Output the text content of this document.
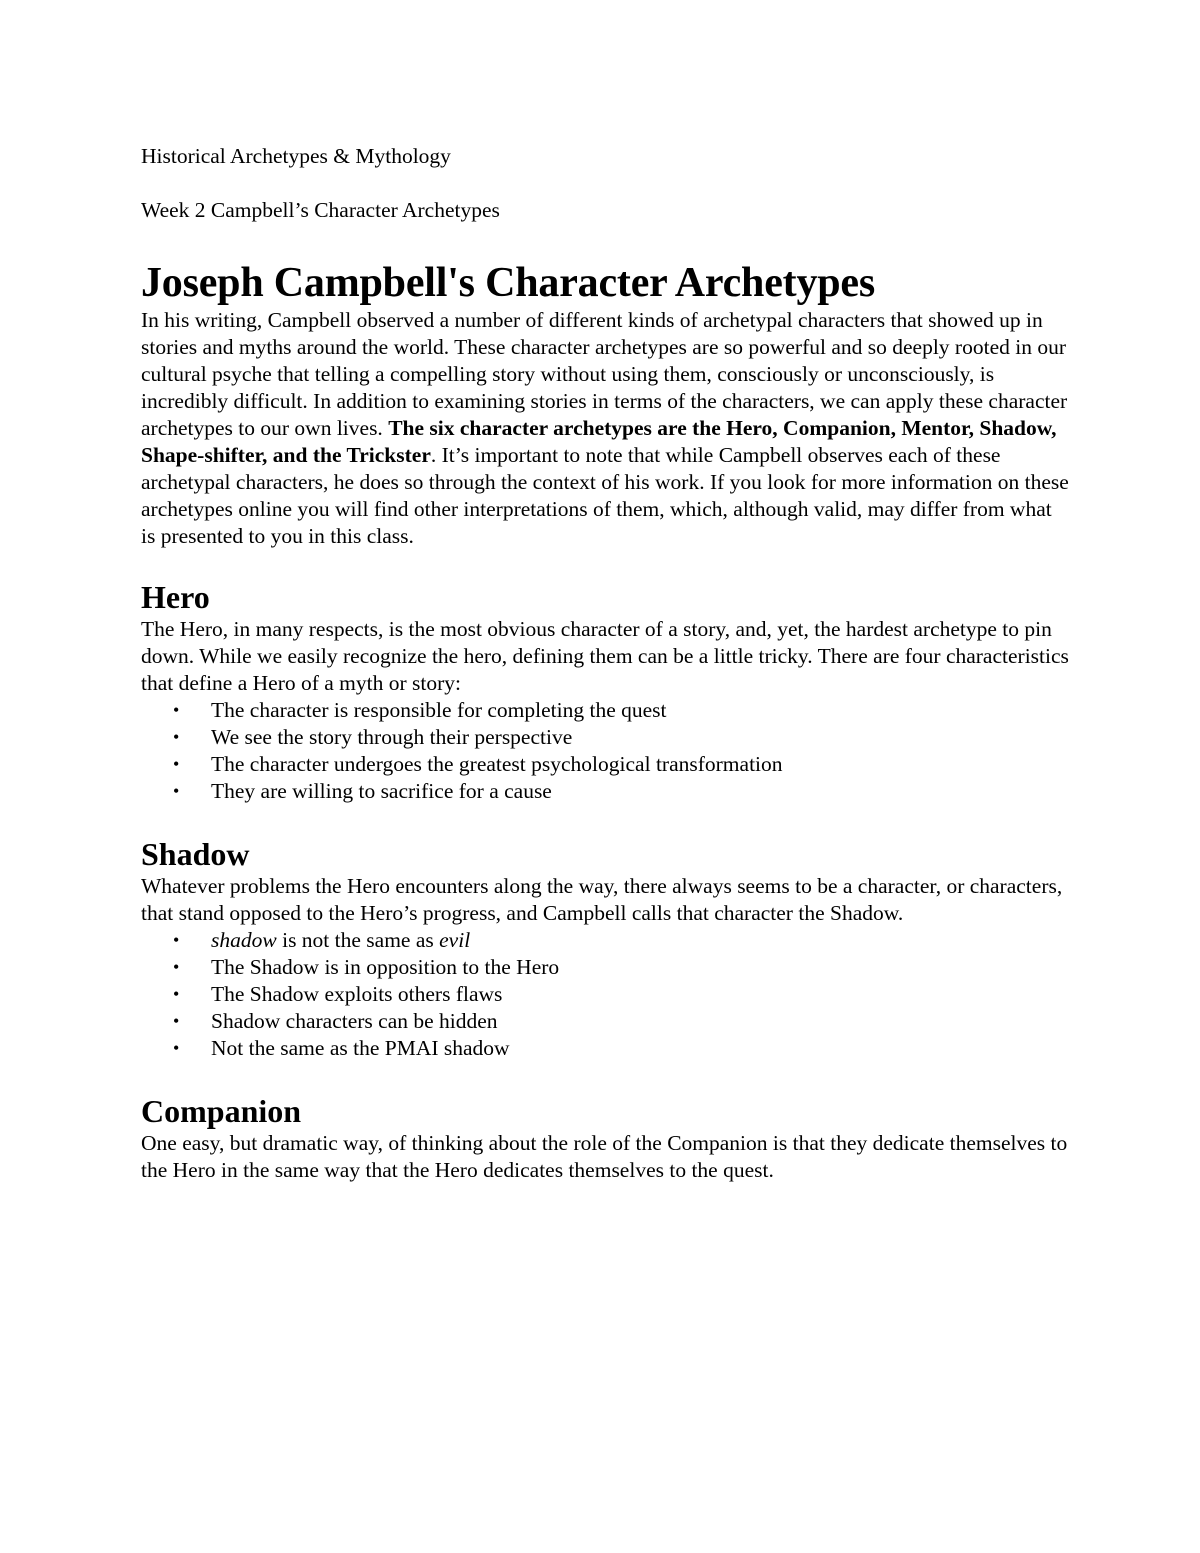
Historical Archetypes & Mythology

Week 2 Campbell’s Character Archetypes

Joseph Campbell's Character Archetypes

In his writing, Campbell observed a number of different kinds of archetypal characters that showed up in stories and myths around the world. These character archetypes are so powerful and so deeply rooted in our cultural psyche that telling a compelling story without using them, consciously or unconsciously, is incredibly difficult. In addition to examining stories in terms of the characters, we can apply these character archetypes to our own lives. The six character archetypes are the Hero, Companion, Mentor, Shadow, Shape-shifter, and the Trickster. It’s important to note that while Campbell observes each of these archetypal characters, he does so through the context of his work. If you look for more information on these archetypes online you will find other interpretations of them, which, although valid, may differ from what is presented to you in this class.

Hero

The Hero, in many respects, is the most obvious character of a story, and, yet, the hardest archetype to pin down. While we easily recognize the hero, defining them can be a little tricky. There are four characteristics that define a Hero of a myth or story:

• The character is responsible for completing the quest
• We see the story through their perspective
• The character undergoes the greatest psychological transformation
• They are willing to sacrifice for a cause
Shadow

Whatever problems the Hero encounters along the way, there always seems to be a character, or characters, that stand opposed to the Hero’s progress, and Campbell calls that character the Shadow.

• shadow is not the same as evil
• The Shadow is in opposition to the Hero
• The Shadow exploits others flaws
• Shadow characters can be hidden
• Not the same as the PMAI shadow
Companion

One easy, but dramatic way, of thinking about the role of the Companion is that they dedicate themselves to the Hero in the same way that the Hero dedicates themselves to the quest.
